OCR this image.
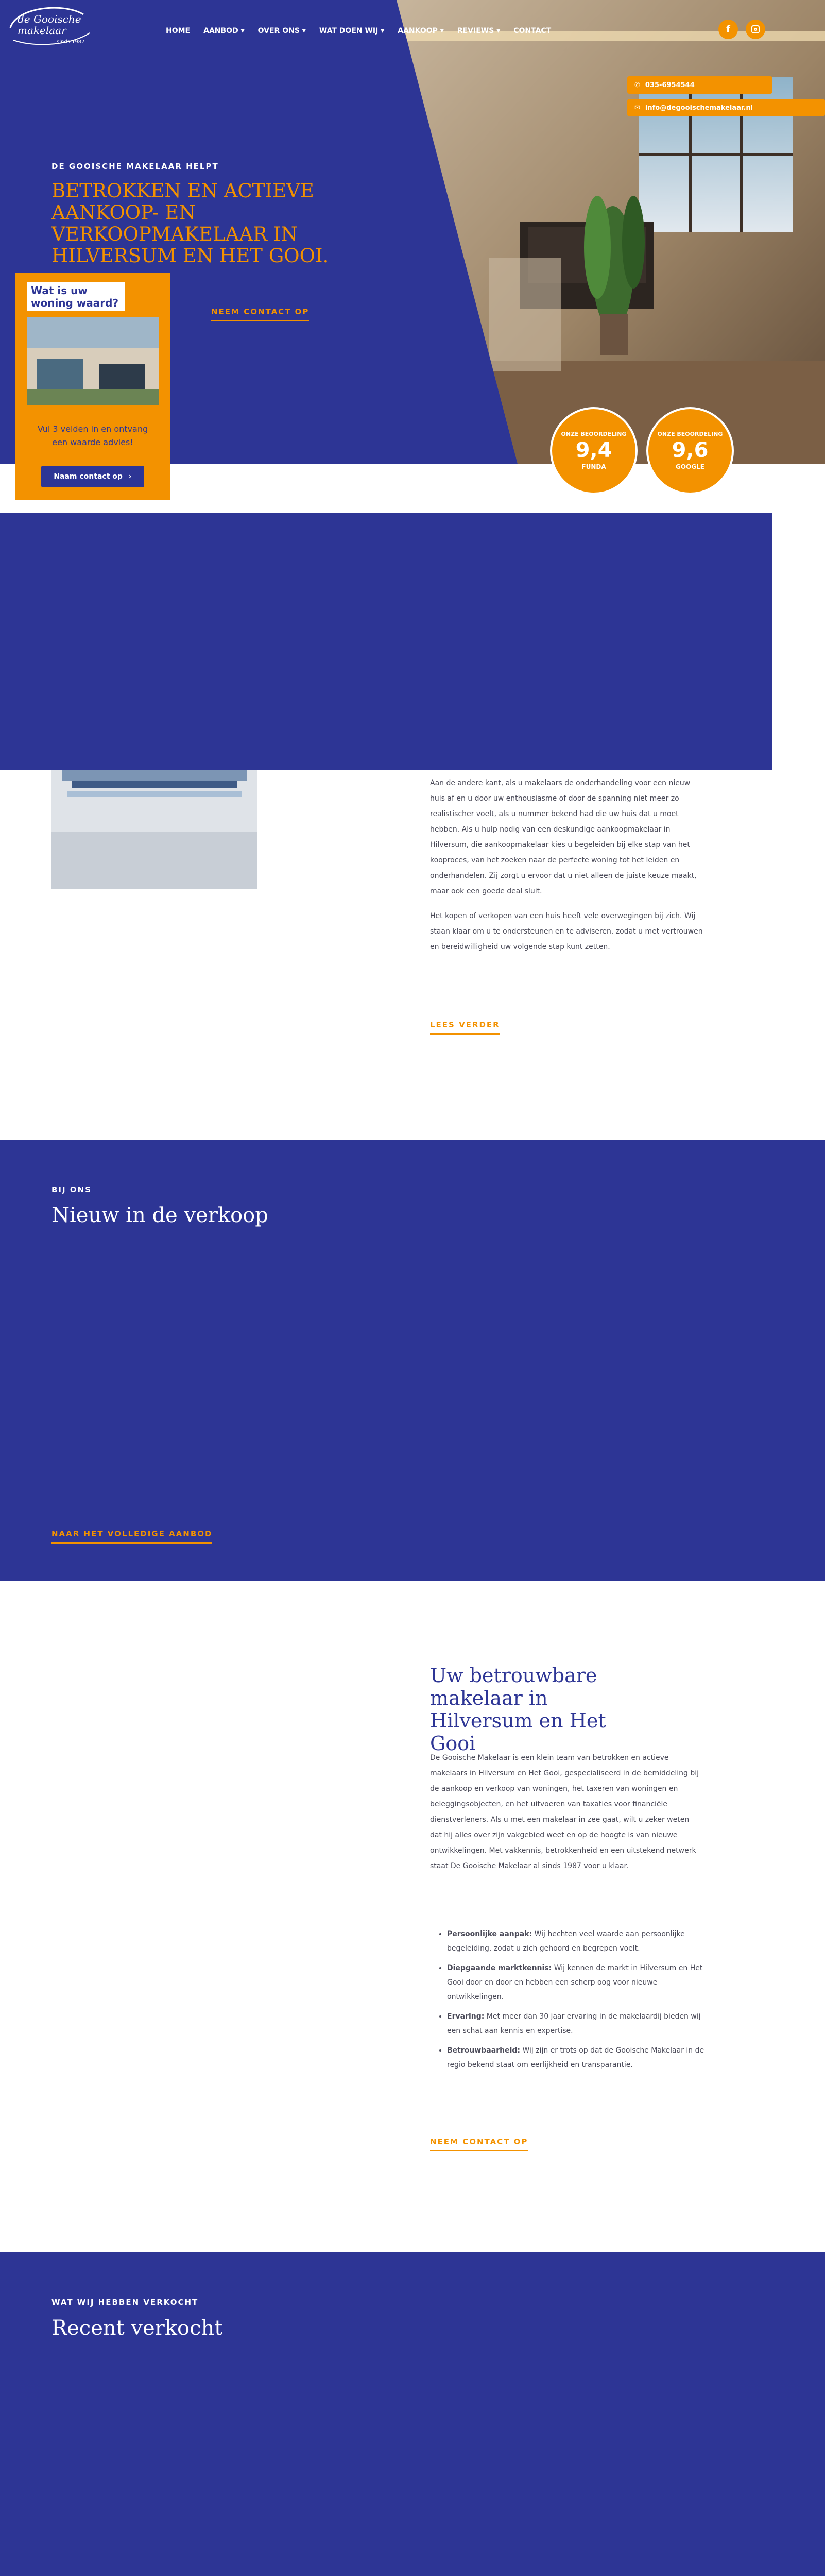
de Gooische makelaar
sinds 1987
HOME AANBOD ▾ OVER ONS ▾ WAT DOEN WIJ ▾ AANKOOP ▾ REVIEWS ▾ CONTACT	f
✆ 035-6954544
✉ info@degooischemakelaar.nl
DE GOOISCHE MAKELAAR HELPT
BETROKKEN EN ACTIEVE AANKOOP- EN VERKOOPMAKELAAR IN HILVERSUM EN HET GOOI.
NEEM CONTACT OP
Wat is uw woning waard?
Vul 3 velden in en ontvang een waarde advies!
Naam contact op ›
ONZE BEOORDELING
9,4
FUNDA
ONZE BEOORDELING
9,6
GOOGLE

Aan de andere kant, als u makelaars de onderhandeling voor een nieuw huis af en u door uw enthousiasme of door de spanning niet meer zo realistischer voelt, als u nummer bekend had die uw huis dat u moet hebben. Als u hulp nodig van een deskundige aankoopmakelaar in Hilversum, die aankoopmakelaar kies u begeleiden bij elke stap van het kooproces, van het zoeken naar de perfecte woning tot het leiden en onderhandelen. Zij zorgt u ervoor dat u niet alleen de juiste keuze maakt, maar ook een goede deal sluit.

Het kopen of verkopen van een huis heeft vele overwegingen bij zich. Wij staan klaar om u te ondersteunen en te adviseren, zodat u met vertrouwen en bereidwilligheid uw volgende stap kunt zetten.

LEES VERDER
BIJ ONS
Nieuw in de verkoop
NAAR HET VOLLEDIGE AANBOD
Uw betrouwbare makelaar in Hilversum en Het Gooi

De Gooische Makelaar is een klein team van betrokken en actieve makelaars in Hilversum en Het Gooi, gespecialiseerd in de bemiddeling bij de aankoop en verkoop van woningen, het taxeren van woningen en beleggingsobjecten, en het uitvoeren van taxaties voor financiële dienstverleners. Als u met een makelaar in zee gaat, wilt u zeker weten dat hij alles over zijn vakgebied weet en op de hoogte is van nieuwe ontwikkelingen. Met vakkennis, betrokkenheid en een uitstekend netwerk staat De Gooische Makelaar al sinds 1987 voor u klaar.

• Persoonlijke aanpak: Wij hechten veel waarde aan persoonlijke begeleiding, zodat u zich gehoord en begrepen voelt.
• Diepgaande marktkennis: Wij kennen de markt in Hilversum en Het Gooi door en door en hebben een scherp oog voor nieuwe ontwikkelingen.
• Ervaring: Met meer dan 30 jaar ervaring in de makelaardij bieden wij een schat aan kennis en expertise.
• Betrouwbaarheid: Wij zijn er trots op dat de Gooische Makelaar in de regio bekend staat om eerlijkheid en transparantie.
NEEM CONTACT OP
WAT WIJ HEBBEN VERKOCHT
Recent verkocht
